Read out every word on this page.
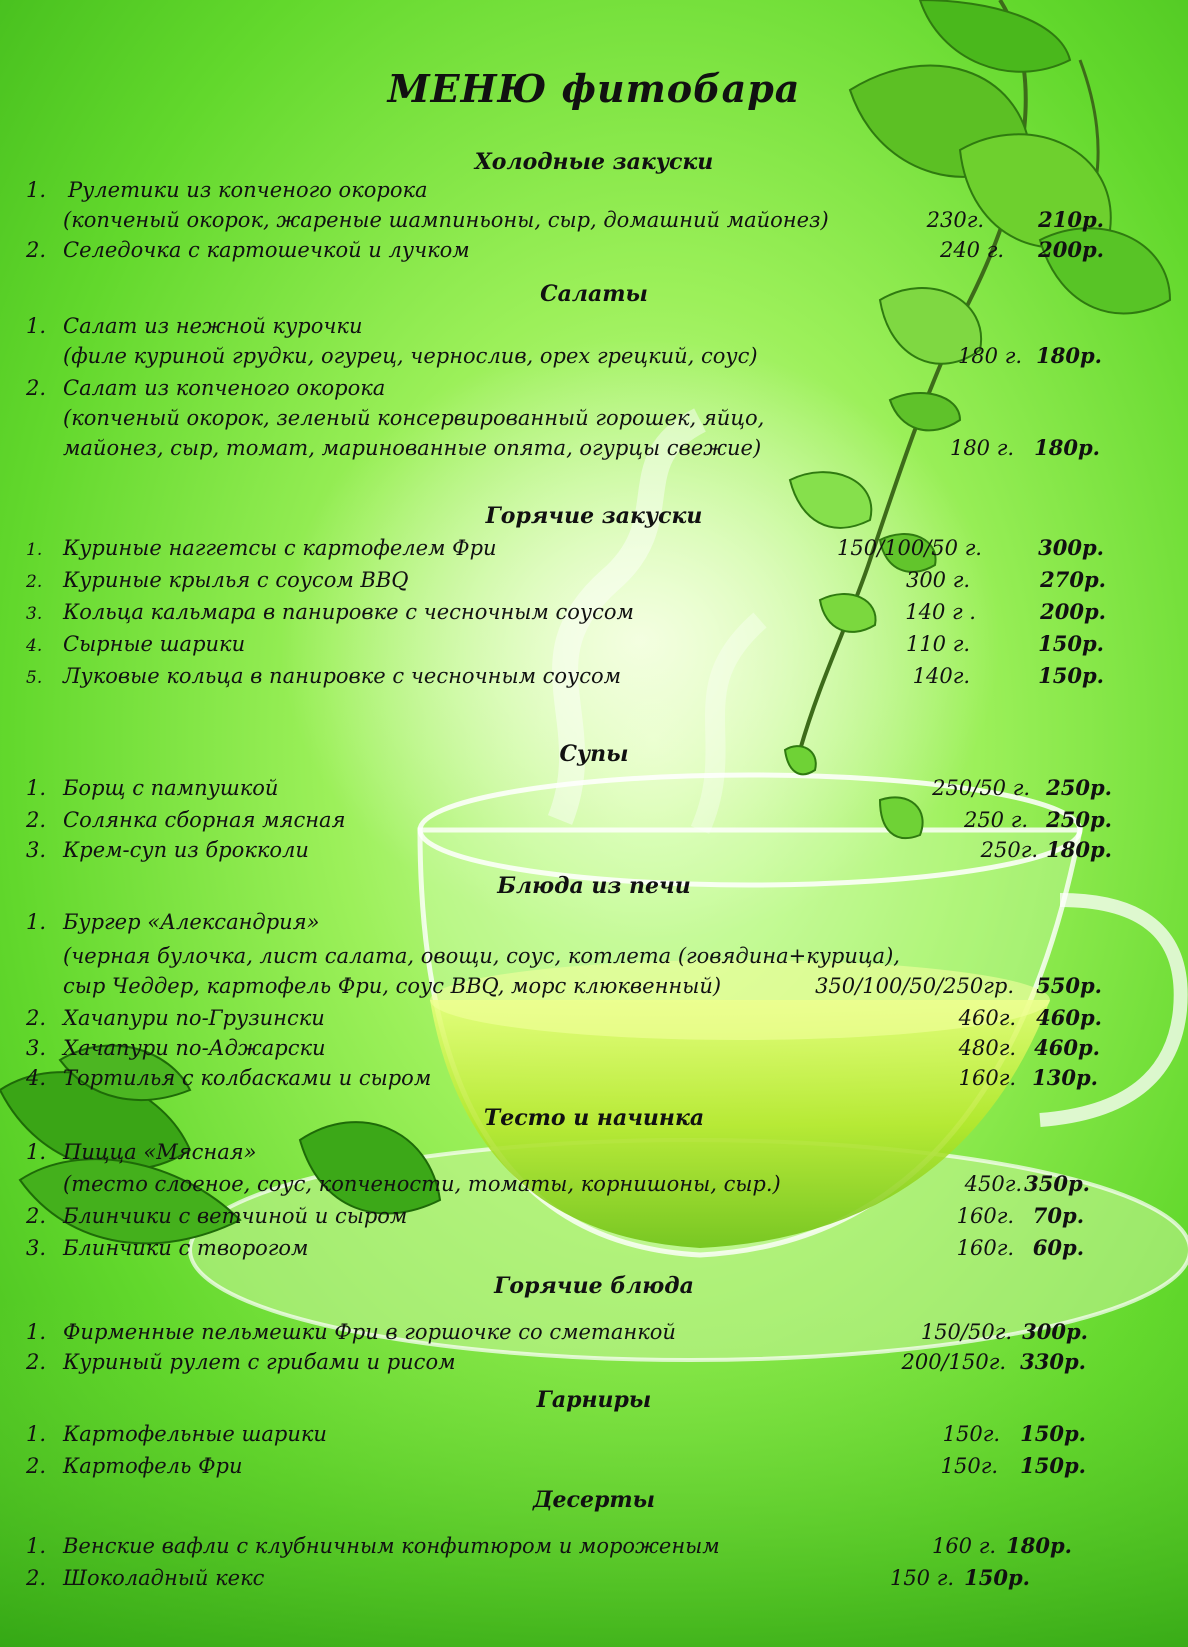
МЕНЮ фитобара
Холодные закуски
1. Рулетики из копченого окорока
(копченый окорок, жареные шампиньоны, сыр, домашний майонез)	230г.	210р.
2. Селедочка с картошечкой и лучком	240 г. 200р.
Салаты
1. Салат из нежной курочки
(филе куриной грудки, огурец, чернослив, орех грецкий, соус)	180 г. 180р.
2. Салат из копченого окорока
(копченый окорок, зеленый консервированный горошек, яйцо,
майонез, сыр, томат, маринованные опята, огурцы свежие)	180 г. 180р.
Горячие закуски
1. Куриные наггетсы с картофелем Фри	150/100/50 г.	300р.
2. Куриные крылья с соусом BBQ	300 г.	270р.
3. Кольца кальмара в панировке с чесночным соусом	140 г .	200р.
4. Сырные шарики	110 г.	150р.
5. Луковые кольца в панировке с чесночным соусом	140г.	150р.
Супы
1. Борщ с пампушкой	250/50 г. 250р.
2. Солянка сборная мясная	250 г. 250р.
3. Крем-суп из брокколи	250г. 180р.
Блюда из печи
1. Бургер «Александрия»
(черная булочка, лист салата, овощи, соус, котлета (говядина+курица),
сыр Чеддер, картофель Фри, соус BBQ, морс клюквенный)	350/100/50/250гр. 550р.
2. Хачапури по-Грузински	460г. 460р.
3. Хачапури по-Аджарски	480г. 460р.
4. Тортилья с колбасками и сыром	160г. 130р.
Тесто и начинка
1. Пицца «Мясная»
(тесто слоеное, соус, копчености, томаты, корнишоны, сыр.)	450г. 350р.
2. Блинчики с ветчиной и сыром	160г. 70р.
3. Блинчики с творогом	160г. 60р.
Горячие блюда
1. Фирменные пельмешки Фри в горшочке со сметанкой	150/50г. 300р.
2. Куриный рулет с грибами и рисом	200/150г. 330р.
Гарниры
1. Картофельные шарики	150г. 150р.
2. Картофель Фри	150г. 150р.
Десерты
1. Венские вафли с клубничным конфитюром и мороженым	160 г. 180р.
2. Шоколадный кекс	150 г. 150р.
